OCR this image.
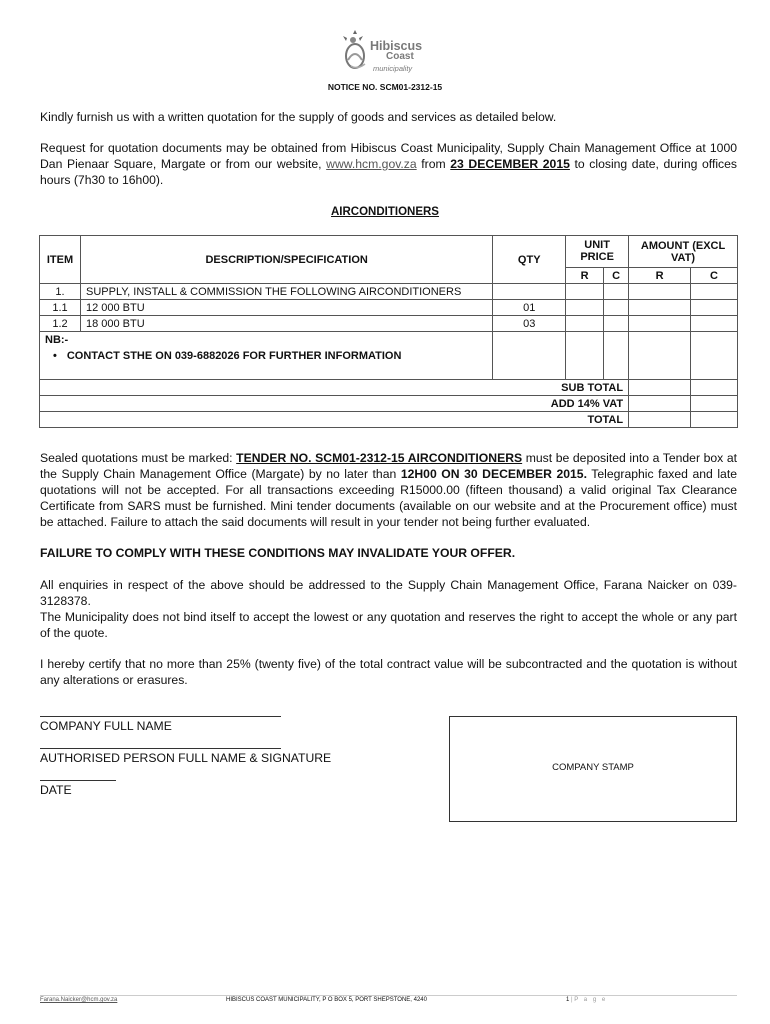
Hibiscus
Coast
municipality
NOTICE NO. SCM01-2312-15
Kindly furnish us with a written quotation for the supply of goods and services as detailed below.
Request for quotation documents may be obtained from Hibiscus Coast Municipality, Supply Chain Management Office at 1000 Dan Pienaar Square, Margate or from our website, www.hcm.gov.za from 23 DECEMBER 2015 to closing date, during offices hours (7h30 to 16h00).
AIRCONDITIONERS
ITEM	DESCRIPTION/SPECIFICATION	QTY	UNIT PRICE		AMOUNT (EXCL VAT)	
			R	C	R	C
1.	SUPPLY, INSTALL & COMMISSION THE FOLLOWING AIRCONDITIONERS					
1.1	12 000 BTU	01				
1.2	18 000 BTU	03				

NB:-
• CONTACT STHE ON 039-6882026 FOR FURTHER INFORMATION						

SUB TOTAL						
ADD 14% VAT						
TOTAL						
Sealed quotations must be marked: TENDER NO. SCM01-2312-15 AIRCONDITIONERS must be deposited into a Tender box at the Supply Chain Management Office (Margate) by no later than 12H00 ON 30 DECEMBER 2015. Telegraphic faxed and late quotations will not be accepted. For all transactions exceeding R15000.00 (fifteen thousand) a valid original Tax Clearance Certificate from SARS must be furnished. Mini tender documents (available on our website and at the Procurement office) must be attached. Failure to attach the said documents will result in your tender not being further evaluated.
FAILURE TO COMPLY WITH THESE CONDITIONS MAY INVALIDATE YOUR OFFER.
All enquiries in respect of the above should be addressed to the Supply Chain Management Office, Farana Naicker on 039-3128378.
The Municipality does not bind itself to accept the lowest or any quotation and reserves the right to accept the whole or any part of the quote.
I hereby certify that no more than 25% (twenty five) of the total contract value will be subcontracted and the quotation is without any alterations or erasures.
COMPANY FULL NAME
AUTHORISED PERSON FULL NAME & SIGNATURE
DATE
COMPANY STAMP
Farana.Naicker@hcm.gov.za	HIBISCUS COAST MUNICIPALITY, P O BOX 5, PORT SHEPSTONE, 4240	1 | P a g e
